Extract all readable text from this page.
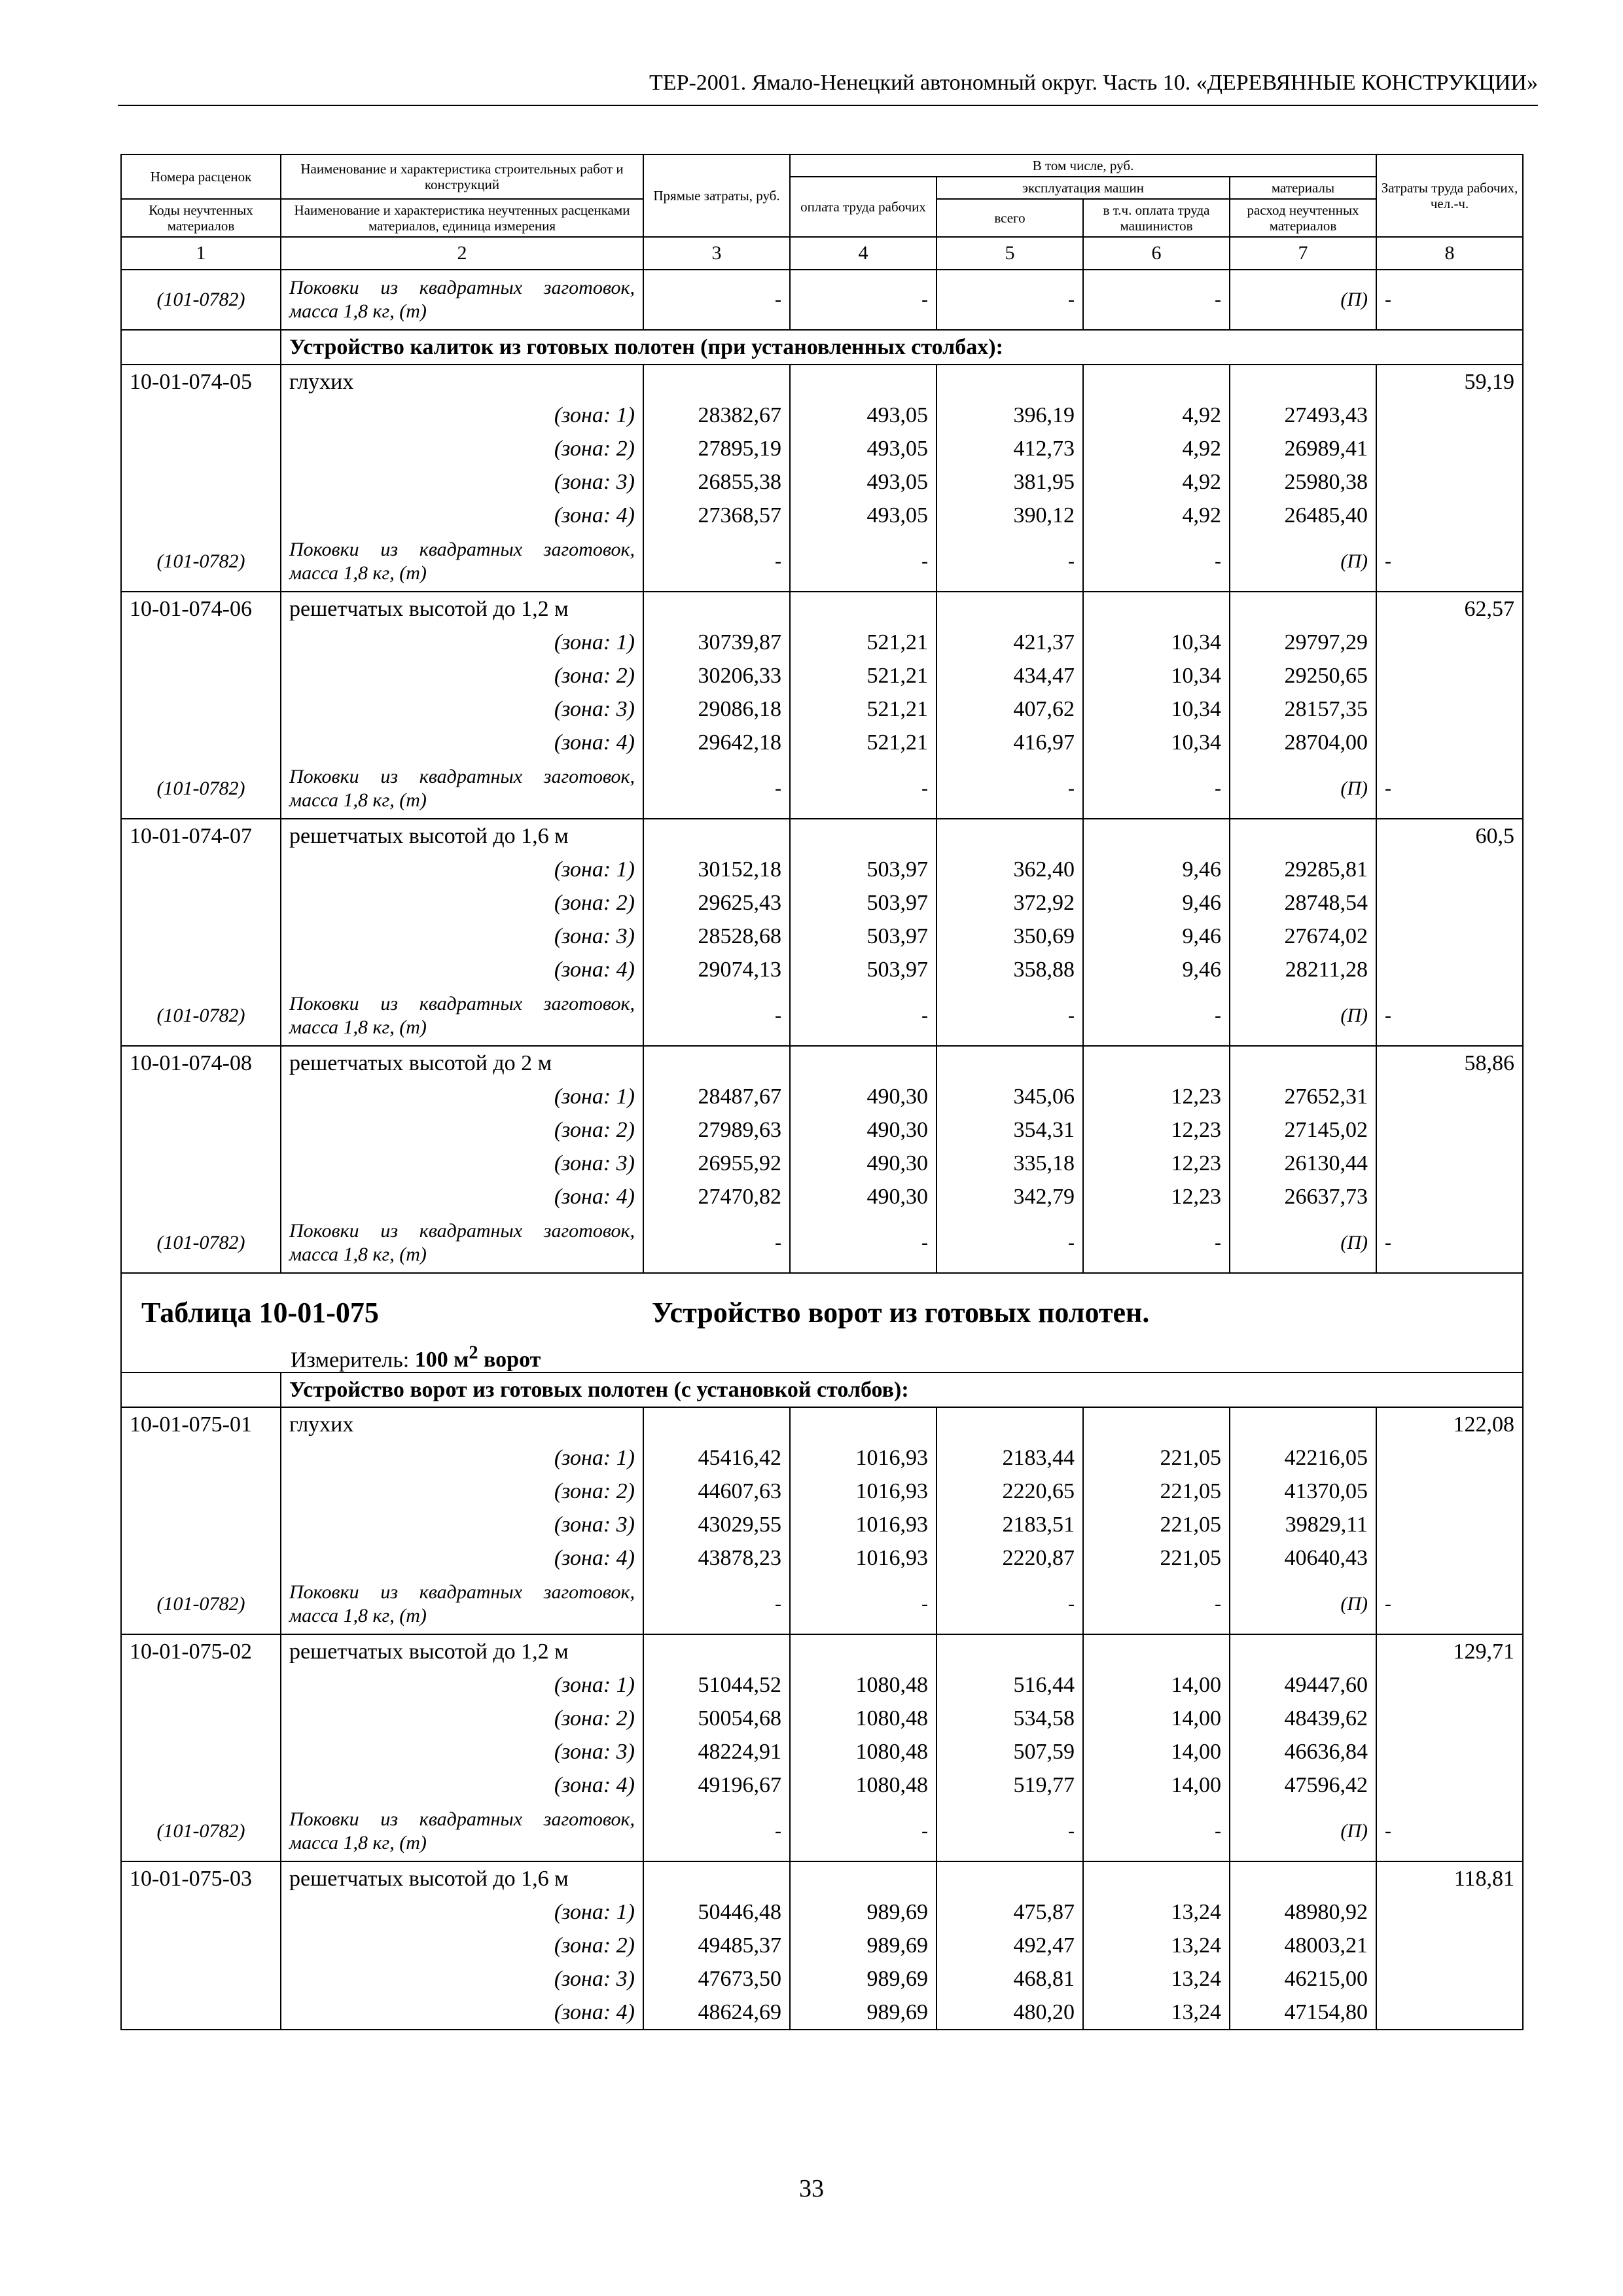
ТЕР-2001. Ямало-Ненецкий автономный округ. Часть 10. «ДЕРЕВЯННЫЕ КОНСТРУКЦИИ»
Номера расценок	Наименование и характеристика строительных работ и конструкций	Прямые затраты, руб.	В том числе, руб.				Затраты труда рабочих, чел.-ч.
			оплата труда рабочих	эксплуатация машин		материалы	
Коды неучтенных материалов	Наименование и характеристика неучтенных расценками материалов, единица измерения			всего	в т.ч. оплата труда машинистов	расход неучтенных материалов	

1	2	3	4	5	6	7	8
(101-0782)	Поковки из квадратных заготовок, масса 1,8 кг, (т)	-	-	-	-	(П)	-
	Устройство калиток из готовых полотен (при установленных столбах):						
10-01-074-05	глухих						59,19
	(зона: 1)	28382,67	493,05	396,19	4,92	27493,43	
	(зона: 2)	27895,19	493,05	412,73	4,92	26989,41	
	(зона: 3)	26855,38	493,05	381,95	4,92	25980,38	
	(зона: 4)	27368,57	493,05	390,12	4,92	26485,40	
(101-0782)	Поковки из квадратных заготовок, масса 1,8 кг, (т)	-	-	-	-	(П)	-
10-01-074-06	решетчатых высотой до 1,2 м						62,57
	(зона: 1)	30739,87	521,21	421,37	10,34	29797,29	
	(зона: 2)	30206,33	521,21	434,47	10,34	29250,65	
	(зона: 3)	29086,18	521,21	407,62	10,34	28157,35	
	(зона: 4)	29642,18	521,21	416,97	10,34	28704,00	
(101-0782)	Поковки из квадратных заготовок, масса 1,8 кг, (т)	-	-	-	-	(П)	-
10-01-074-07	решетчатых высотой до 1,6 м						60,5
	(зона: 1)	30152,18	503,97	362,40	9,46	29285,81	
	(зона: 2)	29625,43	503,97	372,92	9,46	28748,54	
	(зона: 3)	28528,68	503,97	350,69	9,46	27674,02	
	(зона: 4)	29074,13	503,97	358,88	9,46	28211,28	
(101-0782)	Поковки из квадратных заготовок, масса 1,8 кг, (т)	-	-	-	-	(П)	-
10-01-074-08	решетчатых высотой до 2 м						58,86
	(зона: 1)	28487,67	490,30	345,06	12,23	27652,31	
	(зона: 2)	27989,63	490,30	354,31	12,23	27145,02	
	(зона: 3)	26955,92	490,30	335,18	12,23	26130,44	
	(зона: 4)	27470,82	490,30	342,79	12,23	26637,73	
(101-0782)	Поковки из квадратных заготовок, масса 1,8 кг, (т)	-	-	-	-	(П)	-

Таблица 10-01-075 Устройство ворот из готовых полотен.
Измеритель: 100 $м^2$ ворот							

	Устройство ворот из готовых полотен (с установкой столбов):						
10-01-075-01	глухих						122,08
	(зона: 1)	45416,42	1016,93	2183,44	221,05	42216,05	
	(зона: 2)	44607,63	1016,93	2220,65	221,05	41370,05	
	(зона: 3)	43029,55	1016,93	2183,51	221,05	39829,11	
	(зона: 4)	43878,23	1016,93	2220,87	221,05	40640,43	
(101-0782)	Поковки из квадратных заготовок, масса 1,8 кг, (т)	-	-	-	-	(П)	-
10-01-075-02	решетчатых высотой до 1,2 м						129,71
	(зона: 1)	51044,52	1080,48	516,44	14,00	49447,60	
	(зона: 2)	50054,68	1080,48	534,58	14,00	48439,62	
	(зона: 3)	48224,91	1080,48	507,59	14,00	46636,84	
	(зона: 4)	49196,67	1080,48	519,77	14,00	47596,42	
(101-0782)	Поковки из квадратных заготовок, масса 1,8 кг, (т)	-	-	-	-	(П)	-
10-01-075-03	решетчатых высотой до 1,6 м						118,81
	(зона: 1)	50446,48	989,69	475,87	13,24	48980,92	
	(зона: 2)	49485,37	989,69	492,47	13,24	48003,21	
	(зона: 3)	47673,50	989,69	468,81	13,24	46215,00	
	(зона: 4)	48624,69	989,69	480,20	13,24	47154,80	
33
